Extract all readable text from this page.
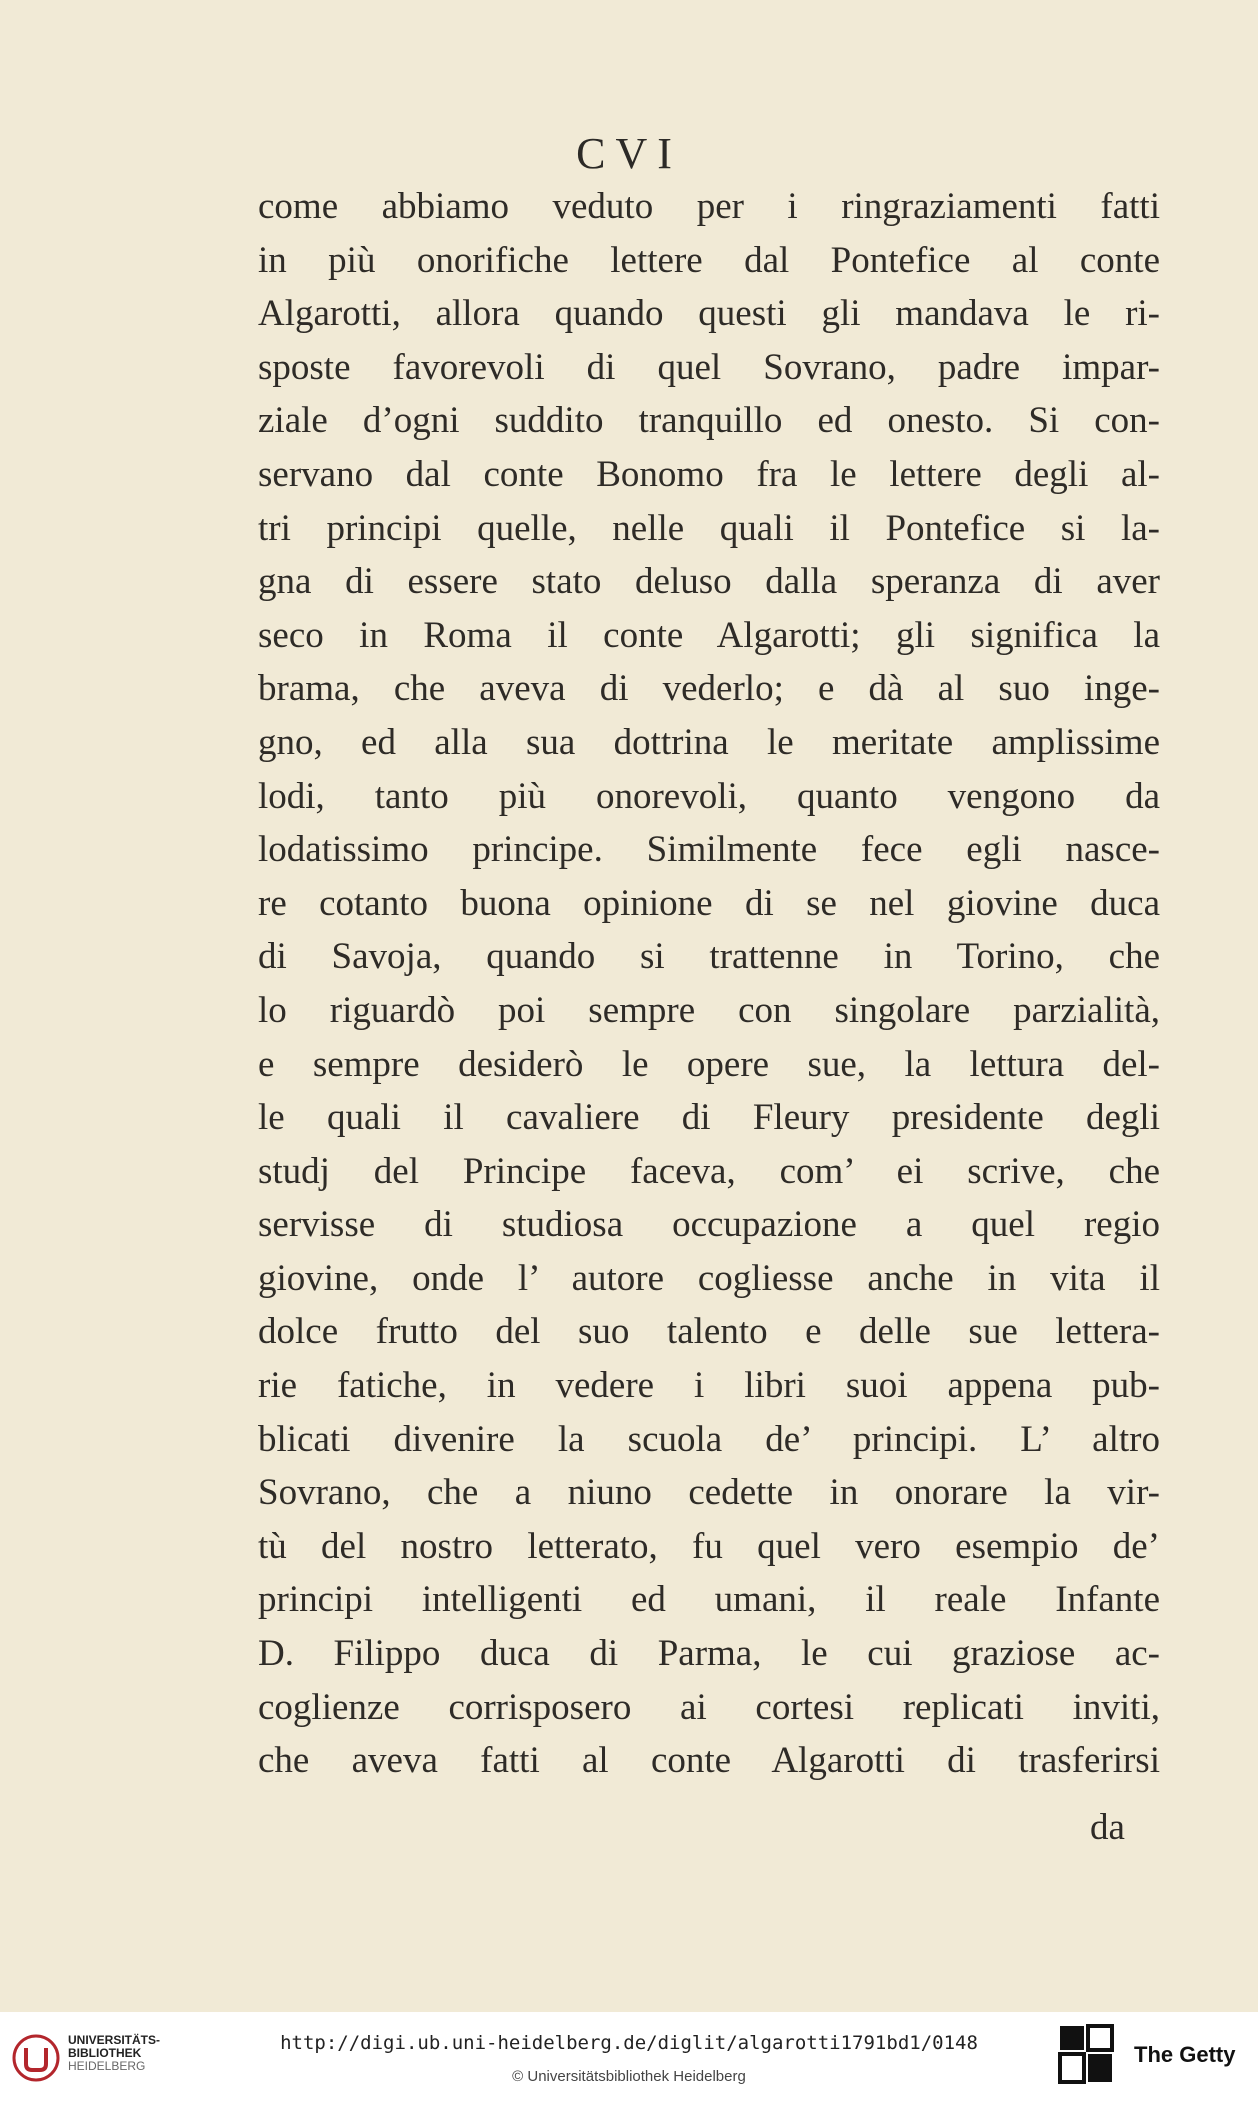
CVI
come abbiamo veduto per i ringraziamenti fatti
in più onorifiche lettere dal Pontefice al conte
Algarotti, allora quando questi gli mandava le ri-
sposte favorevoli di quel Sovrano, padre impar-
ziale d’ogni suddito tranquillo ed onesto. Si con-
servano dal conte Bonomo fra le lettere degli al-
tri principi quelle, nelle quali il Pontefice si la-
gna di essere stato deluso dalla speranza di aver
seco in Roma il conte Algarotti; gli significa la
brama, che aveva di vederlo; e dà al suo inge-
gno, ed alla sua dottrina le meritate amplissime
lodi, tanto più onorevoli, quanto vengono da
lodatissimo principe. Similmente fece egli nasce-
re cotanto buona opinione di se nel giovine duca
di Savoja, quando si trattenne in Torino, che
lo riguardò poi sempre con singolare parzialità,
e sempre desiderò le opere sue, la lettura del-
le quali il cavaliere di Fleury presidente degli
studj del Principe faceva, com’ ei scrive, che
servisse di studiosa occupazione a quel regio
giovine, onde l’ autore cogliesse anche in vita il
dolce frutto del suo talento e delle sue lettera-
rie fatiche, in vedere i libri suoi appena pub-
blicati divenire la scuola de’ principi. L’ altro
Sovrano, che a niuno cedette in onorare la vir-
tù del nostro letterato, fu quel vero esempio de’
principi intelligenti ed umani, il reale Infante
D. Filippo duca di Parma, le cui graziose ac-
coglienze corrisposero ai cortesi replicati inviti,
che aveva fatti al conte Algarotti di trasferirsi
da
UNIVERSITÄTS-
BIBLIOTHEK
HEIDELBERG
http://digi.ub.uni-heidelberg.de/diglit/algarotti1791bd1/0148
© Universitätsbibliothek Heidelberg
The Getty
